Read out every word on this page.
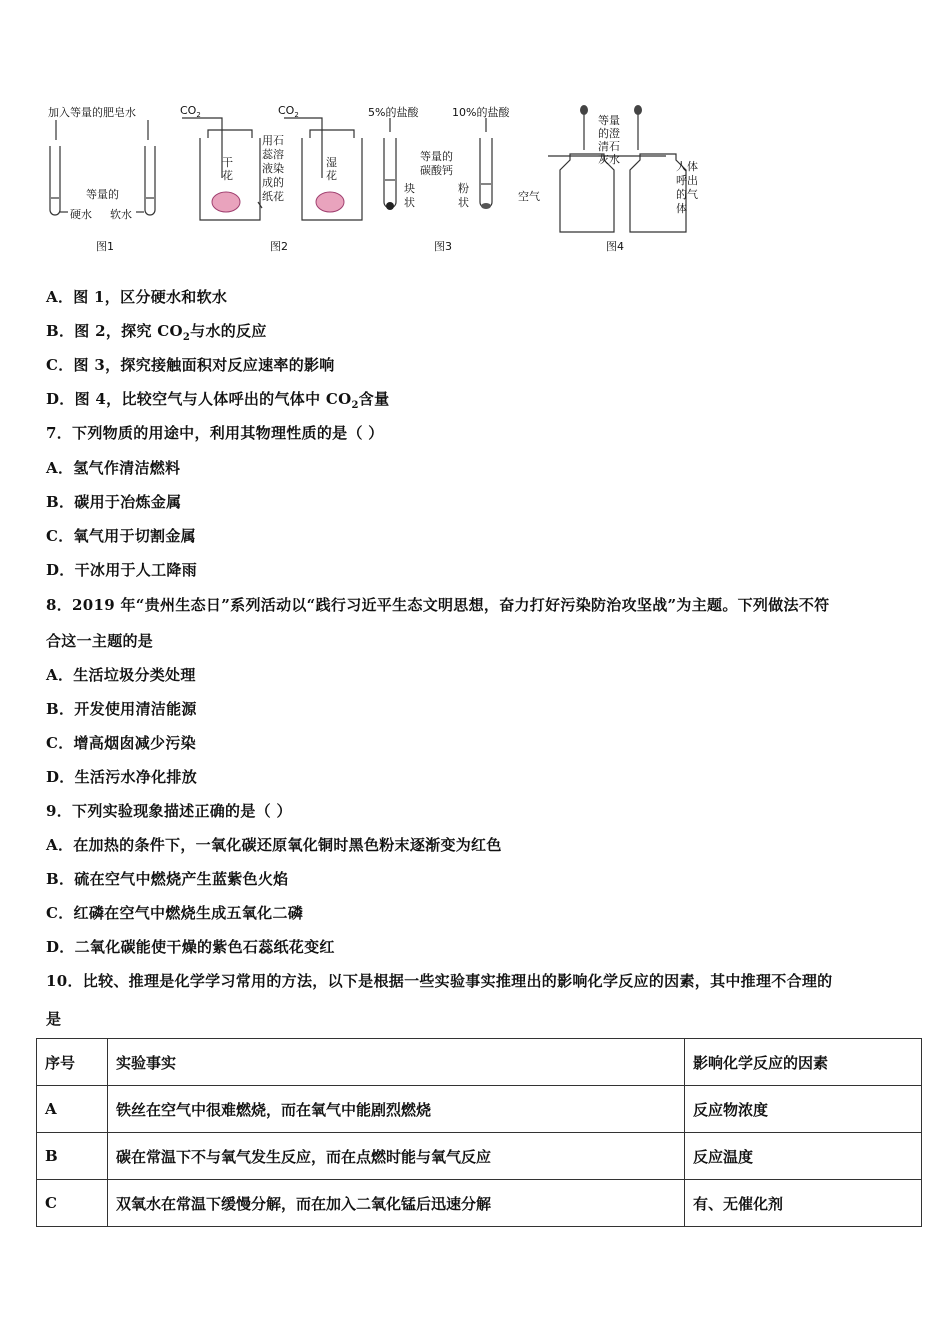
加入等量的肥皂水
等量的
硬水 软水
图1
$CO_2$	$CO_2$
干
花
湿
花
用石
蕊溶
液染
成的
纸花
图2
5%的盐酸	10%的盐酸
等量的
碳酸钙
块
状
粉
状
图3
等量
的澄
清石
灰水
空气
人体
呼出
的气
体
图4
A．图 1，区分硬水和软水
B．图 2，探究 $CO_2$与水的反应
C．图 3，探究接触面积对反应速率的影响
D．图 4，比较空气与人体呼出的气体中 $CO_2$含量
7．下列物质的用途中，利用其物理性质的是（ ）
A．氢气作清洁燃料
B．碳用于冶炼金属
C．氧气用于切割金属
D．干冰用于人工降雨
8．2019 年“贵州生态日”系列活动以“践行习近平生态文明思想，奋力打好污染防治攻坚战”为主题。下列做法不符
合这一主题的是
A．生活垃圾分类处理
B．开发使用清洁能源
C．增高烟囱减少污染
D．生活污水净化排放
9．下列实验现象描述正确的是（ ）
A．在加热的条件下，一氧化碳还原氧化铜时黑色粉末逐渐变为红色
B．硫在空气中燃烧产生蓝紫色火焰
C．红磷在空气中燃烧生成五氧化二磷
D．二氧化碳能使干燥的紫色石蕊纸花变红
10．比较、推理是化学学习常用的方法，以下是根据一些实验事实推理出的影响化学反应的因素，其中推理不合理的
是
序号	实验事实	影响化学反应的因素
A	铁丝在空气中很难燃烧，而在氧气中能剧烈燃烧	反应物浓度
B	碳在常温下不与氧气发生反应，而在点燃时能与氧气反应	反应温度
C	双氧水在常温下缓慢分解，而在加入二氧化锰后迅速分解	有、无催化剂
